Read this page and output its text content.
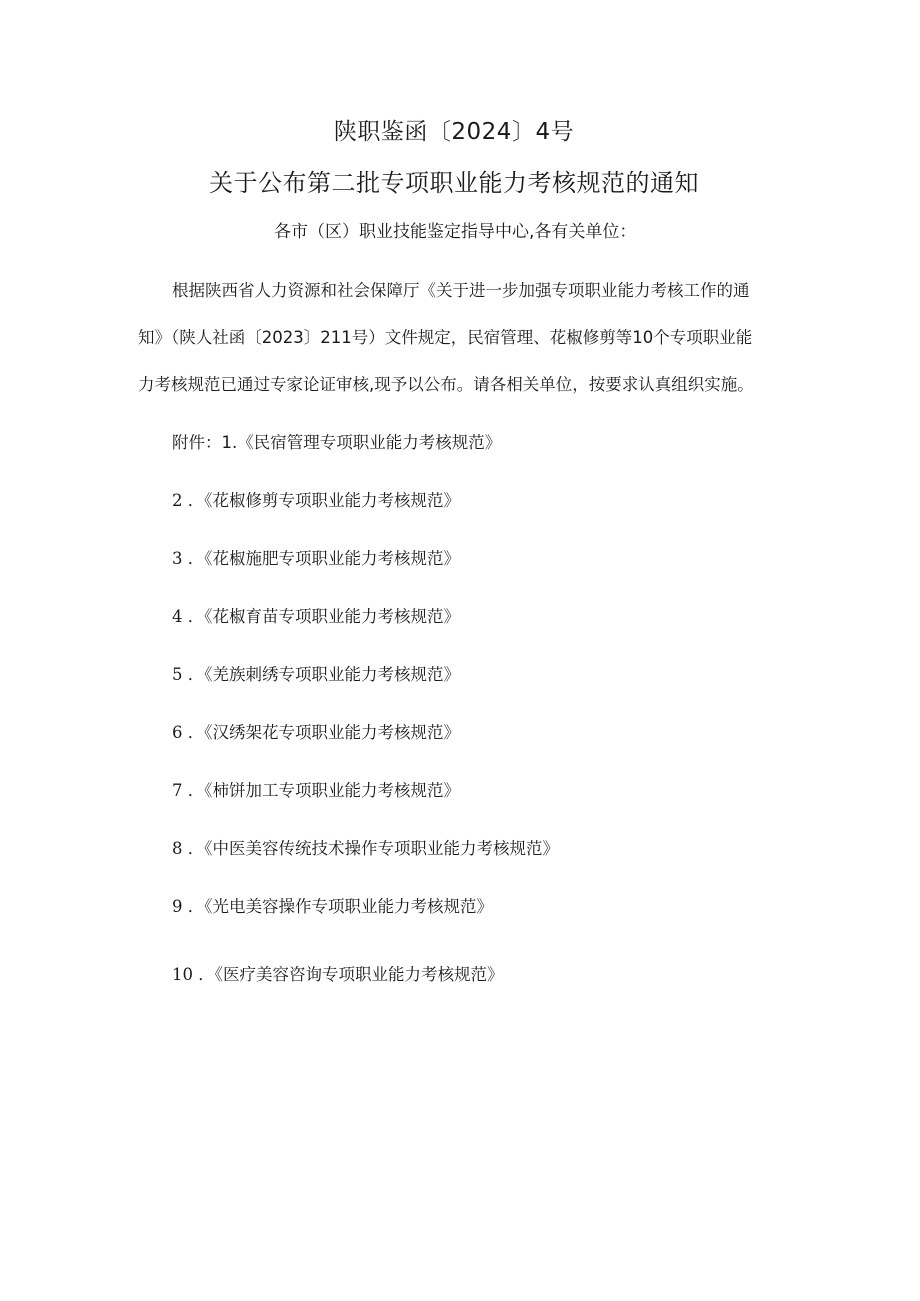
陕职鉴函〔2024〕4号
关于公布第二批专项职业能力考核规范的通知
各市（区）职业技能鉴定指导中心,各有关单位：
根据陕西省人力资源和社会保障厅《关于进一步加强专项职业能力考核工作的通
知》（陕人社函〔2023〕211号）文件规定，民宿管理、花椒修剪等10个专项职业能
力考核规范已通过专家论证审核,现予以公布。请各相关单位，按要求认真组织实施。
附件：1.《民宿管理专项职业能力考核规范》
2 ．《花椒修剪专项职业能力考核规范》
3 ．《花椒施肥专项职业能力考核规范》
4 ．《花椒育苗专项职业能力考核规范》
5 ．《羌族刺绣专项职业能力考核规范》
6 ．《汉绣架花专项职业能力考核规范》
7 ．《柿饼加工专项职业能力考核规范》
8 ．《中医美容传统技术操作专项职业能力考核规范》
9 ．《光电美容操作专项职业能力考核规范》
10 ．《医疗美容咨询专项职业能力考核规范》
